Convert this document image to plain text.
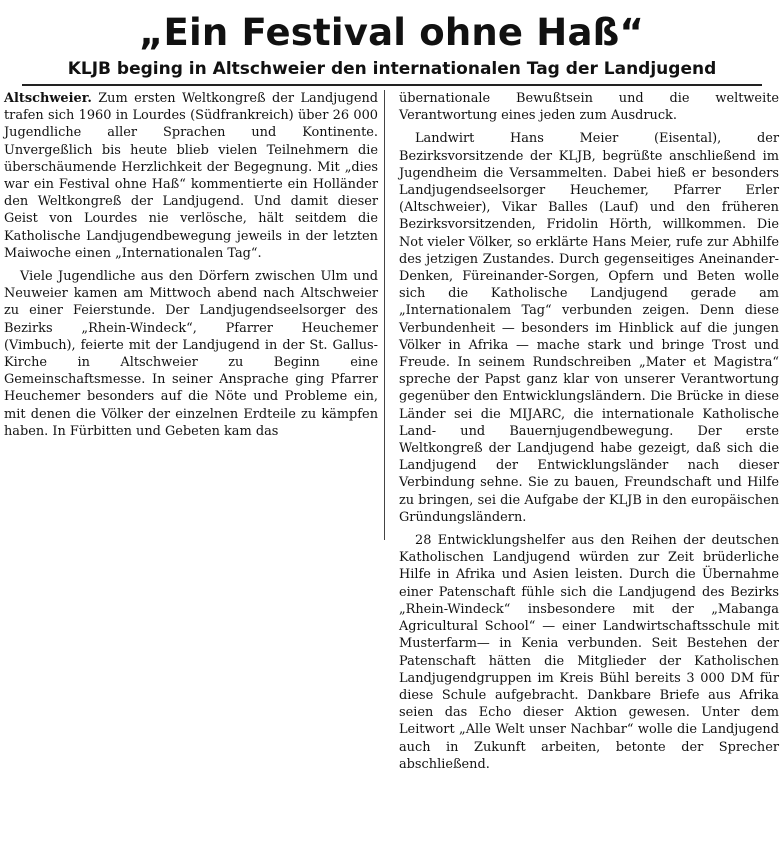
„Ein Festival ohne Haß“
KLJB beging in Altschweier den internationalen Tag der Landjugend

Altschweier. Zum ersten Weltkongreß der Landjugend trafen sich 1960 in Lourdes (Südfrankreich) über 26 000 Jugendliche aller Sprachen und Kontinente. Unvergeßlich bis heute blieb vielen Teilnehmern die überschäumende Herzlichkeit der Begegnung. Mit „dies war ein Festival ohne Haß“ kommentierte ein Holländer den Weltkongreß der Landjugend. Und damit dieser Geist von Lourdes nie verlösche, hält seitdem die Katholische Landjugendbewegung jeweils in der letzten Maiwoche einen „Internationalen Tag“.

Viele Jugendliche aus den Dörfern zwischen Ulm und Neuweier kamen am Mittwoch abend nach Altschweier zu einer Feierstunde. Der Landjugendseelsorger des Bezirks „Rhein-Windeck“, Pfarrer Heuchemer (Vimbuch), feierte mit der Landjugend in der St. Gallus-Kirche in Altschweier zu Beginn eine Gemeinschaftsmesse. In seiner Ansprache ging Pfarrer Heuchemer besonders auf die Nöte und Probleme ein, mit denen die Völker der einzelnen Erdteile zu kämpfen haben. In Fürbitten und Gebeten kam das

übernationale Bewußtsein und die weltweite Verantwortung eines jeden zum Ausdruck.

Landwirt Hans Meier (Eisental), der Bezirksvorsitzende der KLJB, begrüßte anschließend im Jugendheim die Versammelten. Dabei hieß er besonders Landjugendseelsorger Heuchemer, Pfarrer Erler (Altschweier), Vikar Balles (Lauf) und den früheren Bezirksvorsitzenden, Fridolin Hörth, willkommen. Die Not vieler Völker, so erklärte Hans Meier, rufe zur Abhilfe des jetzigen Zustandes. Durch gegenseitiges Aneinander-Denken, Füreinander-Sorgen, Opfern und Beten wolle sich die Katholische Landjugend gerade am „Internationalem Tag“ verbunden zeigen. Denn diese Verbundenheit — besonders im Hinblick auf die jungen Völker in Afrika — mache stark und bringe Trost und Freude. In seinem Rundschreiben „Mater et Magistra“ spreche der Papst ganz klar von unserer Verantwortung gegenüber den Entwicklungsländern. Die Brücke in diese Länder sei die MIJARC, die internationale Katholische Land- und Bauernjugendbewegung. Der erste Weltkongreß der Landjugend habe gezeigt, daß sich die Landjugend der Entwicklungsländer nach dieser Verbindung sehne. Sie zu bauen, Freundschaft und Hilfe zu bringen, sei die Aufgabe der KLJB in den europäischen Gründungsländern.

28 Entwicklungshelfer aus den Reihen der deutschen Katholischen Landjugend würden zur Zeit brüderliche Hilfe in Afrika und Asien leisten. Durch die Übernahme einer Patenschaft fühle sich die Landjugend des Bezirks „Rhein-Windeck“ insbesondere mit der „Mabanga Agricultural School“ — einer Landwirtschaftsschule mit Musterfarm— in Kenia verbunden. Seit Bestehen der Patenschaft hätten die Mitglieder der Katholischen Landjugendgruppen im Kreis Bühl bereits 3 000 DM für diese Schule aufgebracht. Dankbare Briefe aus Afrika seien das Echo dieser Aktion gewesen. Unter dem Leitwort „Alle Welt unser Nachbar“ wolle die Landjugend auch in Zukunft arbeiten, betonte der Sprecher abschließend.
